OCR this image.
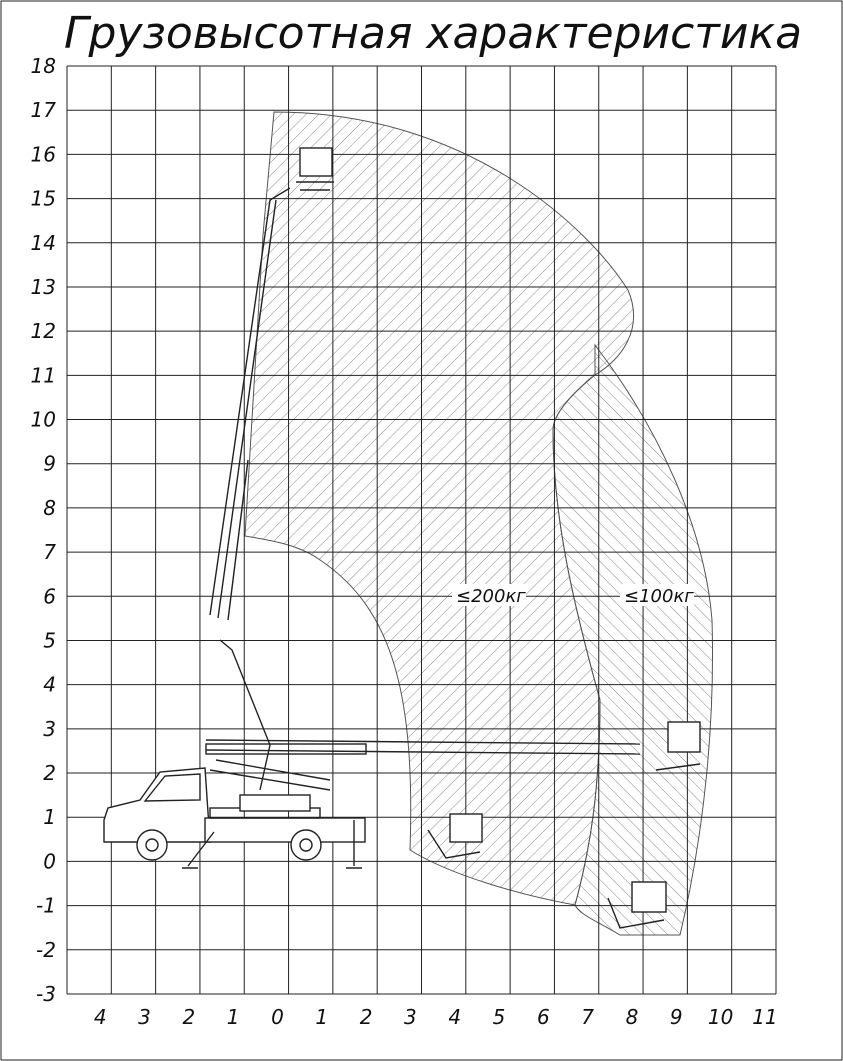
Грузовысотная характеристика
18
17
16
15
14
13
12
11
10
9
8
7
6
5
4
3
2
1
0
-1
-2
-3
4 3 2 1 0 1 2 3 4 5 6 7 8 9 10 11
≤200кг	≤100кг
